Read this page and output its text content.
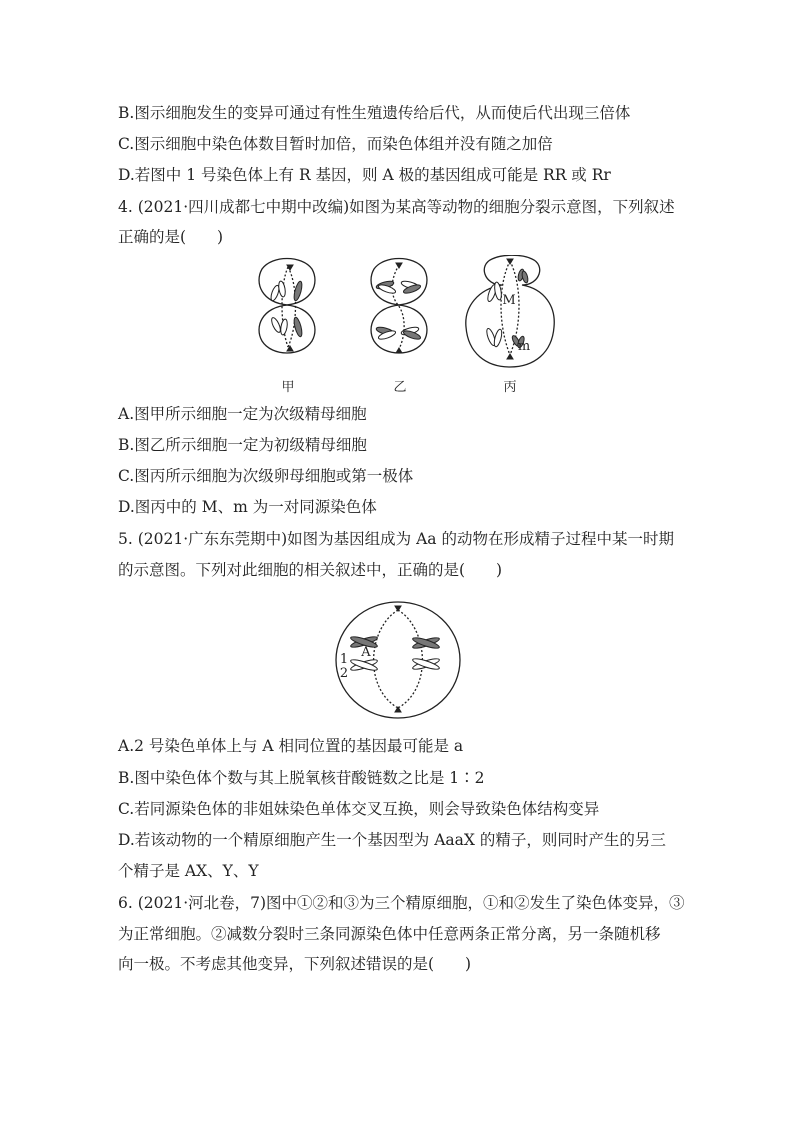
B.图示细胞发生的变异可通过有性生殖遗传给后代，从而使后代出现三倍体
C.图示细胞中染色体数目暂时加倍，而染色体组并没有随之加倍
D.若图中 1 号染色体上有 R 基因，则 A 极的基因组成可能是 RR 或 Rr
4. (2021·四川成都七中期中改编)如图为某高等动物的细胞分裂示意图，下列叙述
正确的是(　　)
甲	乙	丙
M
m
A.图甲所示细胞一定为次级精母细胞
B.图乙所示细胞一定为初级精母细胞
C.图丙所示细胞为次级卵母细胞或第一极体
D.图丙中的 M、m 为一对同源染色体
5. (2021·广东东莞期中)如图为基因组成为 Aa 的动物在形成精子过程中某一时期
的示意图。下列对此细胞的相关叙述中，正确的是(　　)
A
1
2
A.2 号染色单体上与 A 相同位置的基因最可能是 a
B.图中染色体个数与其上脱氧核苷酸链数之比是 1∶2
C.若同源染色体的非姐妹染色单体交叉互换，则会导致染色体结构变异
D.若该动物的一个精原细胞产生一个基因型为 AaaX 的精子，则同时产生的另三
个精子是 AX、Y、Y
6. (2021·河北卷，7)图中①②和③为三个精原细胞，①和②发生了染色体变异，③
为正常细胞。②减数分裂时三条同源染色体中任意两条正常分离，另一条随机移
向一极。不考虑其他变异，下列叙述错误的是(　　)
